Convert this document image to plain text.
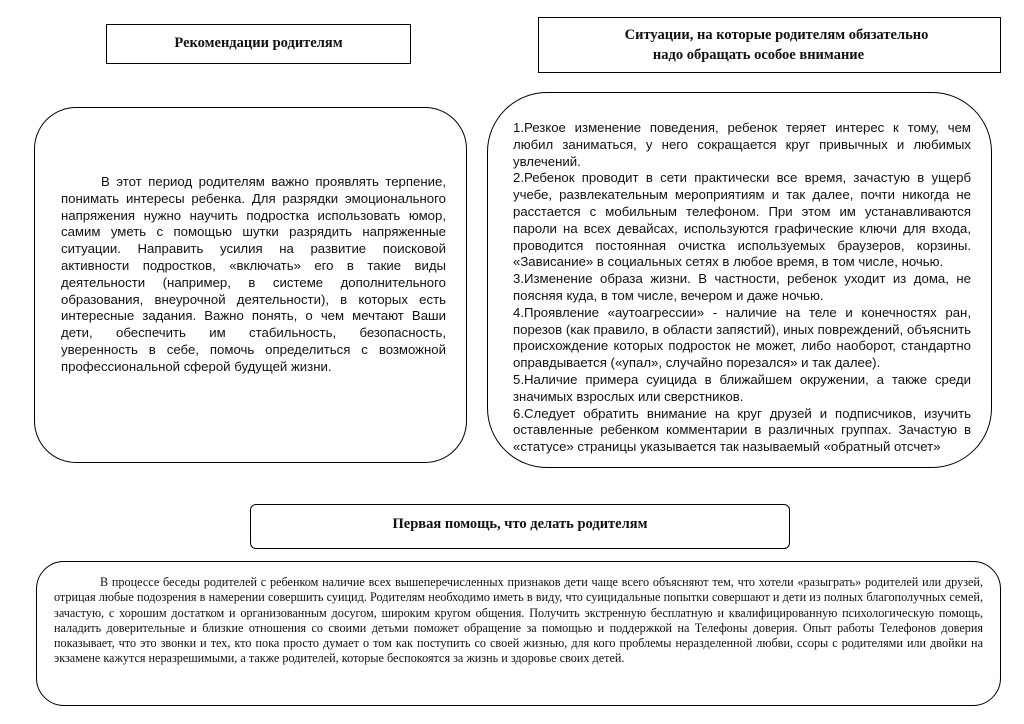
Рекомендации родителям	Ситуации, на которые родителям обязательно
надо обращать особое внимание

В этот период родителям важно проявлять терпение, понимать интересы ребенка. Для разрядки эмоционального напряжения нужно научить подростка использовать юмор, самим уметь с помощью шутки разрядить напряженные ситуации. Направить усилия на развитие поисковой активности подростков, «включать» его в такие виды деятельности (например, в системе дополнительного образования, внеурочной деятельности), в которых есть интересные задания. Важно понять, о чем мечтают Ваши дети, обеспечить им стабильность, безопасность, уверенность в себе, помочь определиться с возможной профессиональной сферой будущей жизни.

1.Резкое изменение поведения, ребенок теряет интерес к тому, чем любил заниматься, у него сокращается круг привычных и любимых увлечений.

2.Ребенок проводит в сети практически все время, зачастую в ущерб учебе, развлекательным мероприятиям и так далее, почти никогда не расстается с мобильным телефоном. При этом им устанавливаются пароли на всех девайсах, используются графические ключи для входа, проводится постоянная очистка используемых браузеров, корзины. «Зависание» в социальных сетях в любое время, в том числе, ночью.

3.Изменение образа жизни. В частности, ребенок уходит из дома, не поясняя куда, в том числе, вечером и даже ночью.

4.Проявление «аутоагрессии» - наличие на теле и конечностях ран, порезов (как правило, в области запястий), иных повреждений, объяснить происхождение которых подросток не может, либо наоборот, стандартно оправдывается («упал», случайно порезался» и так далее).

5.Наличие примера суицида в ближайшем окружении, а также среди значимых взрослых или сверстников.

6.Следует обратить внимание на круг друзей и подписчиков, изучить оставленные ребенком комментарии в различных группах. Зачастую в «статусе» страницы указывается так называемый «обратный отсчет»

Первая помощь, что делать родителям

В процессе беседы родителей с ребенком наличие всех вышеперечисленных признаков дети чаще всего объясняют тем, что хотели «разыграть» родителей или друзей, отрицая любые подозрения в намерении совершить суицид. Родителям необходимо иметь в виду, что суицидальные попытки совершают и дети из полных благополучных семей, зачастую, с хорошим достатком и организованным досугом, широким кругом общения. Получить экстренную бесплатную и квалифицированную психологическую помощь, наладить доверительные и близкие отношения со своими детьми поможет обращение за помощью и поддержкой на Телефоны доверия. Опыт работы Телефонов доверия показывает, что это звонки и тех, кто пока просто думает о том как поступить со своей жизнью, для кого проблемы неразделенной любви, ссоры с родителями или двойки на экзамене кажутся неразрешимыми, а также родителей, которые беспокоятся за жизнь и здоровье своих детей.
